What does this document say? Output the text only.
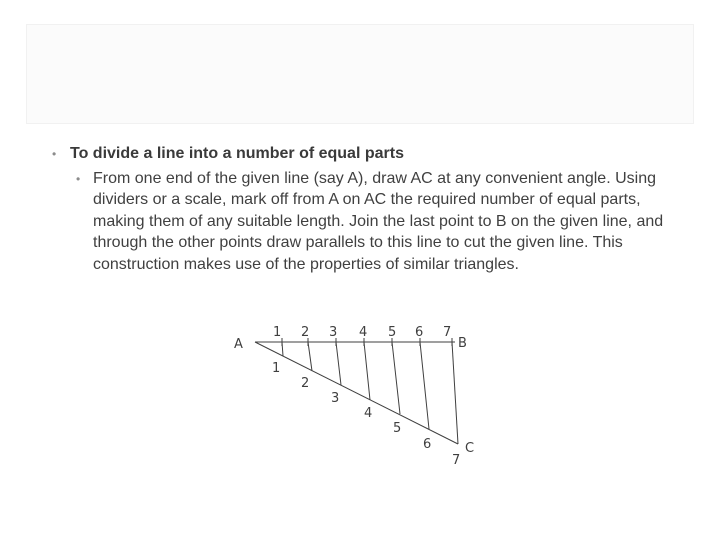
• To divide a line into a number of equal parts
• From one end of the given line (say A), draw AC at any convenient angle. Using dividers or a scale, mark off from A on AC the required number of equal parts, making them of any suitable length. Join the last point to B on the given line, and through the other points draw parallels to this line to cut the given line. This construction makes use of the properties of similar triangles.
A	B
C
1 2 3 4 5 6 7
1
2
3
4
5
6
7
